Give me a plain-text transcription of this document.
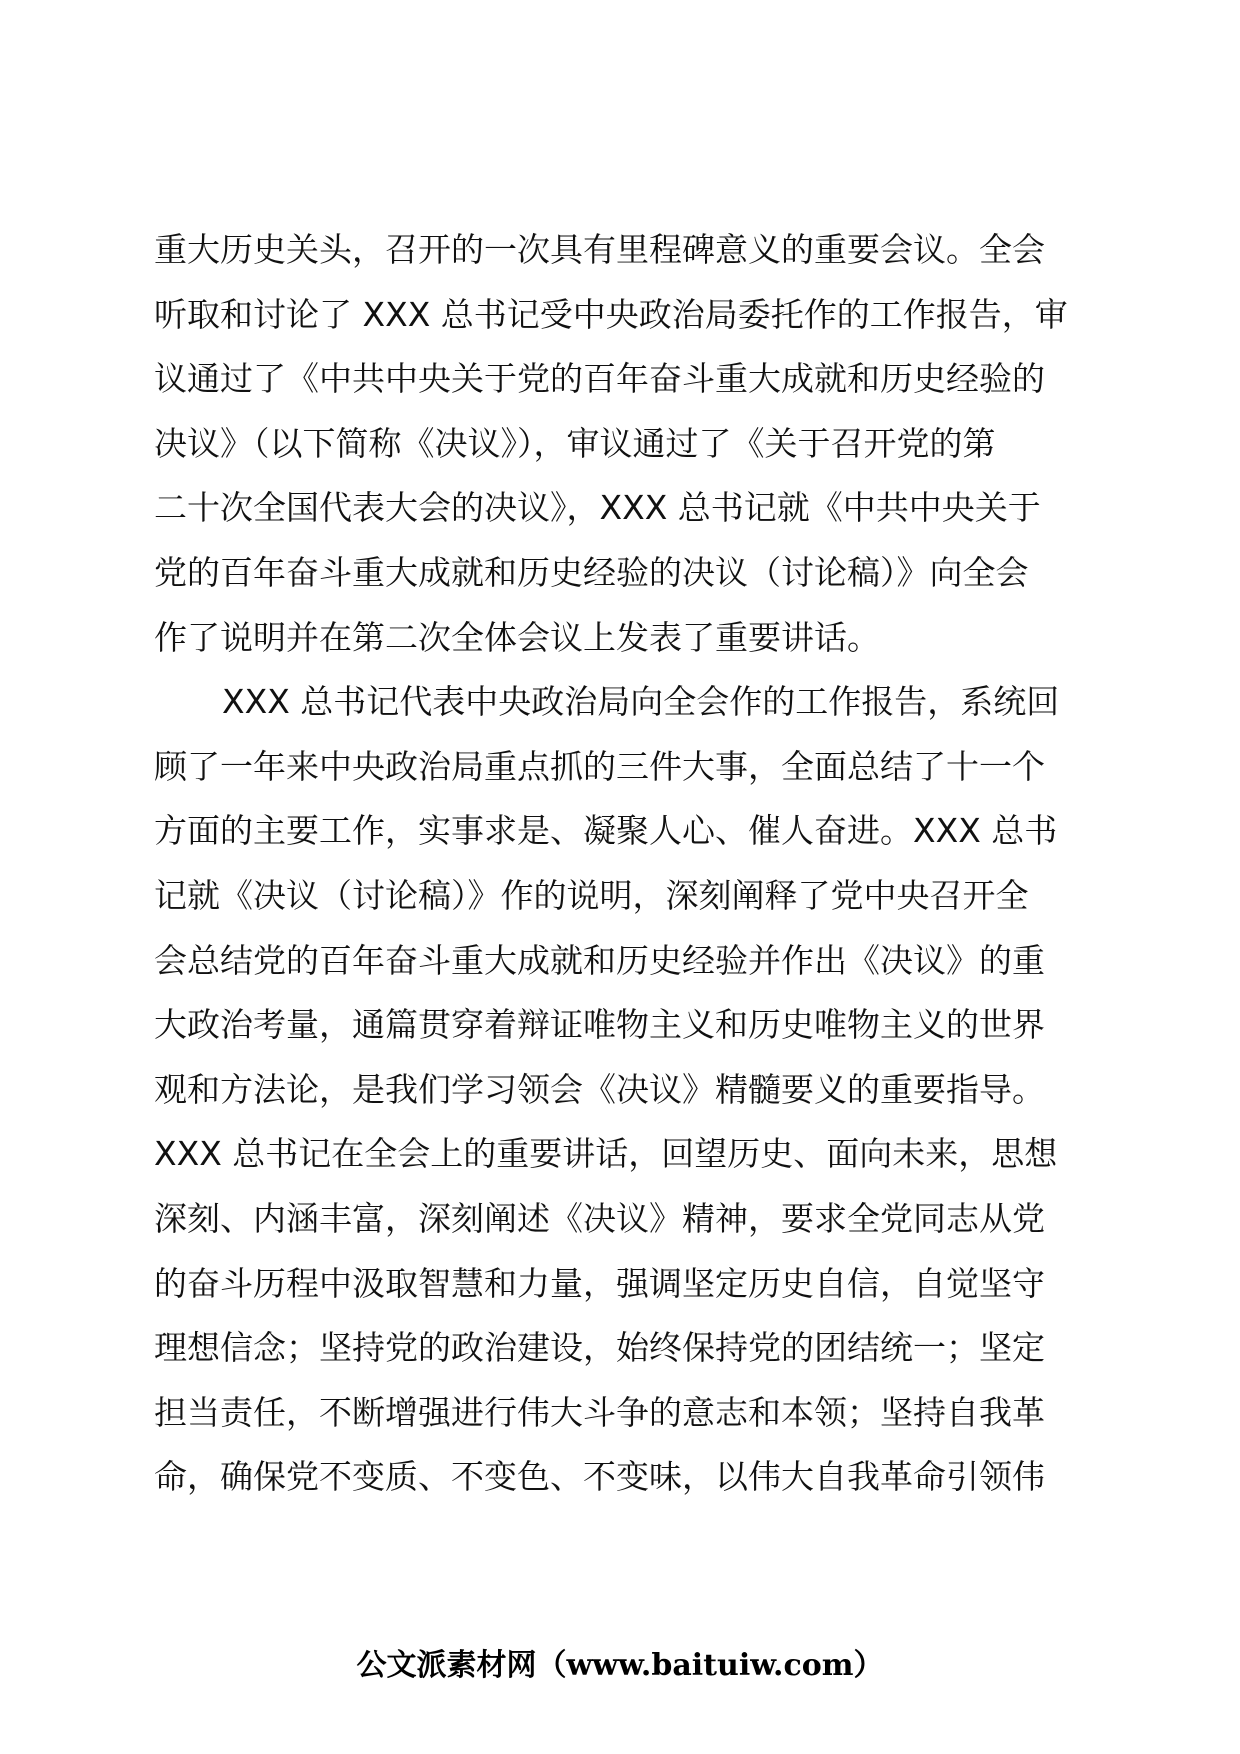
重大历史关头，召开的一次具有里程碑意义的重要会议。全会
听取和讨论了 XXX 总书记受中央政治局委托作的工作报告，审
议通过了《中共中央关于党的百年奋斗重大成就和历史经验的
决议》（以下简称《决议》），审议通过了《关于召开党的第
二十次全国代表大会的决议》，XXX 总书记就《中共中央关于
党的百年奋斗重大成就和历史经验的决议（讨论稿）》向全会
作了说明并在第二次全体会议上发表了重要讲话。
XXX 总书记代表中央政治局向全会作的工作报告，系统回
顾了一年来中央政治局重点抓的三件大事，全面总结了十一个
方面的主要工作，实事求是、凝聚人心、催人奋进。XXX 总书
记就《决议（讨论稿）》作的说明，深刻阐释了党中央召开全
会总结党的百年奋斗重大成就和历史经验并作出《决议》的重
大政治考量，通篇贯穿着辩证唯物主义和历史唯物主义的世界
观和方法论，是我们学习领会《决议》精髓要义的重要指导。
XXX 总书记在全会上的重要讲话，回望历史、面向未来，思想
深刻、内涵丰富，深刻阐述《决议》精神，要求全党同志从党
的奋斗历程中汲取智慧和力量，强调坚定历史自信，自觉坚守
理想信念；坚持党的政治建设，始终保持党的团结统一；坚定
担当责任，不断增强进行伟大斗争的意志和本领；坚持自我革
命，确保党不变质、不变色、不变味，以伟大自我革命引领伟
公文派素材网（www.baituiw.com）
